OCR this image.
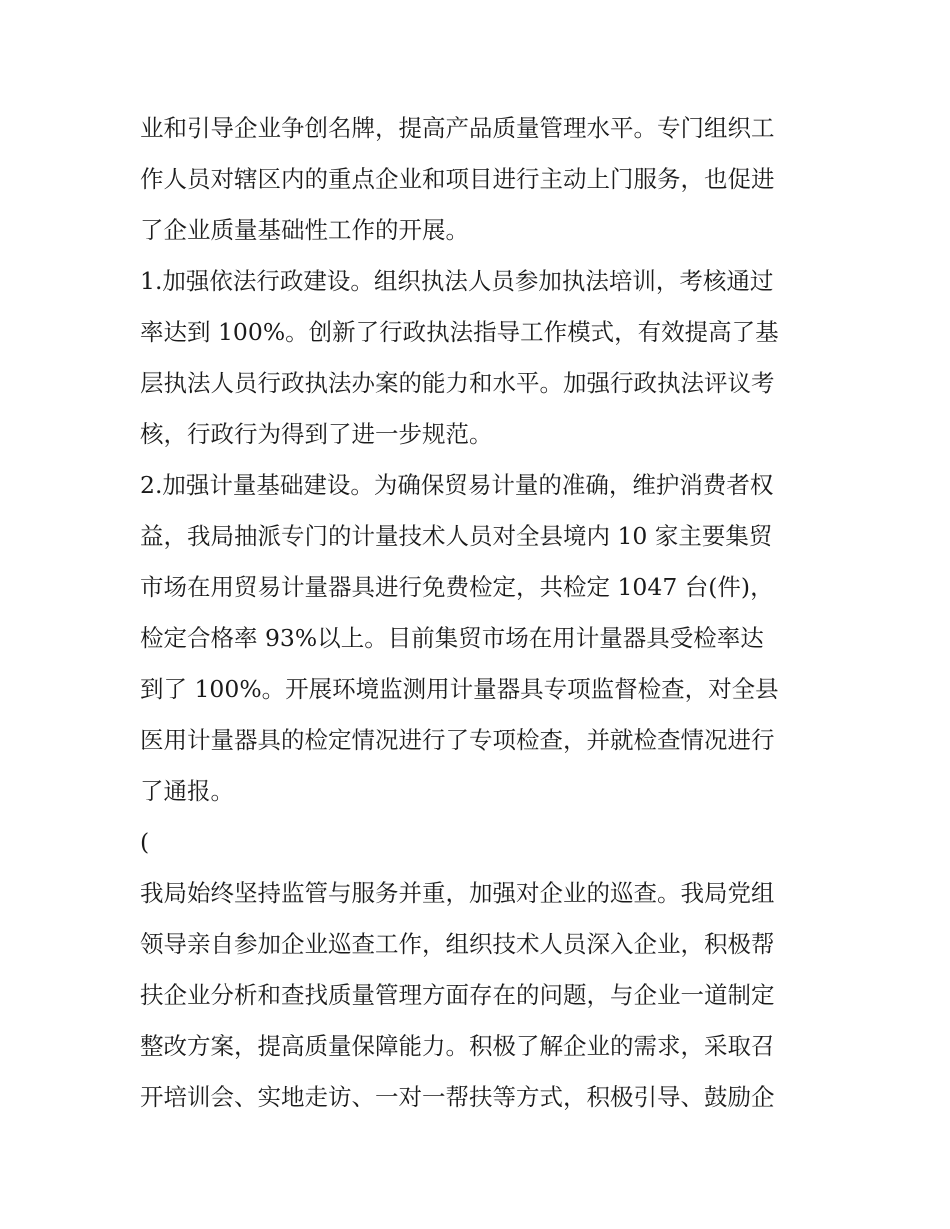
业和引导企业争创名牌，提高产品质量管理水平。专门组织工
作人员对辖区内的重点企业和项目进行主动上门服务，也促进
了企业质量基础性工作的开展。
1.加强依法行政建设。组织执法人员参加执法培训，考核通过
率达到 100%。创新了行政执法指导工作模式，有效提高了基
层执法人员行政执法办案的能力和水平。加强行政执法评议考
核，行政行为得到了进一步规范。
2.加强计量基础建设。为确保贸易计量的准确，维护消费者权
益，我局抽派专门的计量技术人员对全县境内 10 家主要集贸
市场在用贸易计量器具进行免费检定，共检定 1047 台(件)，
检定合格率 93%以上。目前集贸市场在用计量器具受检率达
到了 100%。开展环境监测用计量器具专项监督检查，对全县
医用计量器具的检定情况进行了专项检查，并就检查情况进行
了通报。
(
我局始终坚持监管与服务并重，加强对企业的巡查。我局党组
领导亲自参加企业巡查工作，组织技术人员深入企业，积极帮
扶企业分析和查找质量管理方面存在的问题，与企业一道制定
整改方案，提高质量保障能力。积极了解企业的需求，采取召
开培训会、实地走访、一对一帮扶等方式，积极引导、鼓励企
